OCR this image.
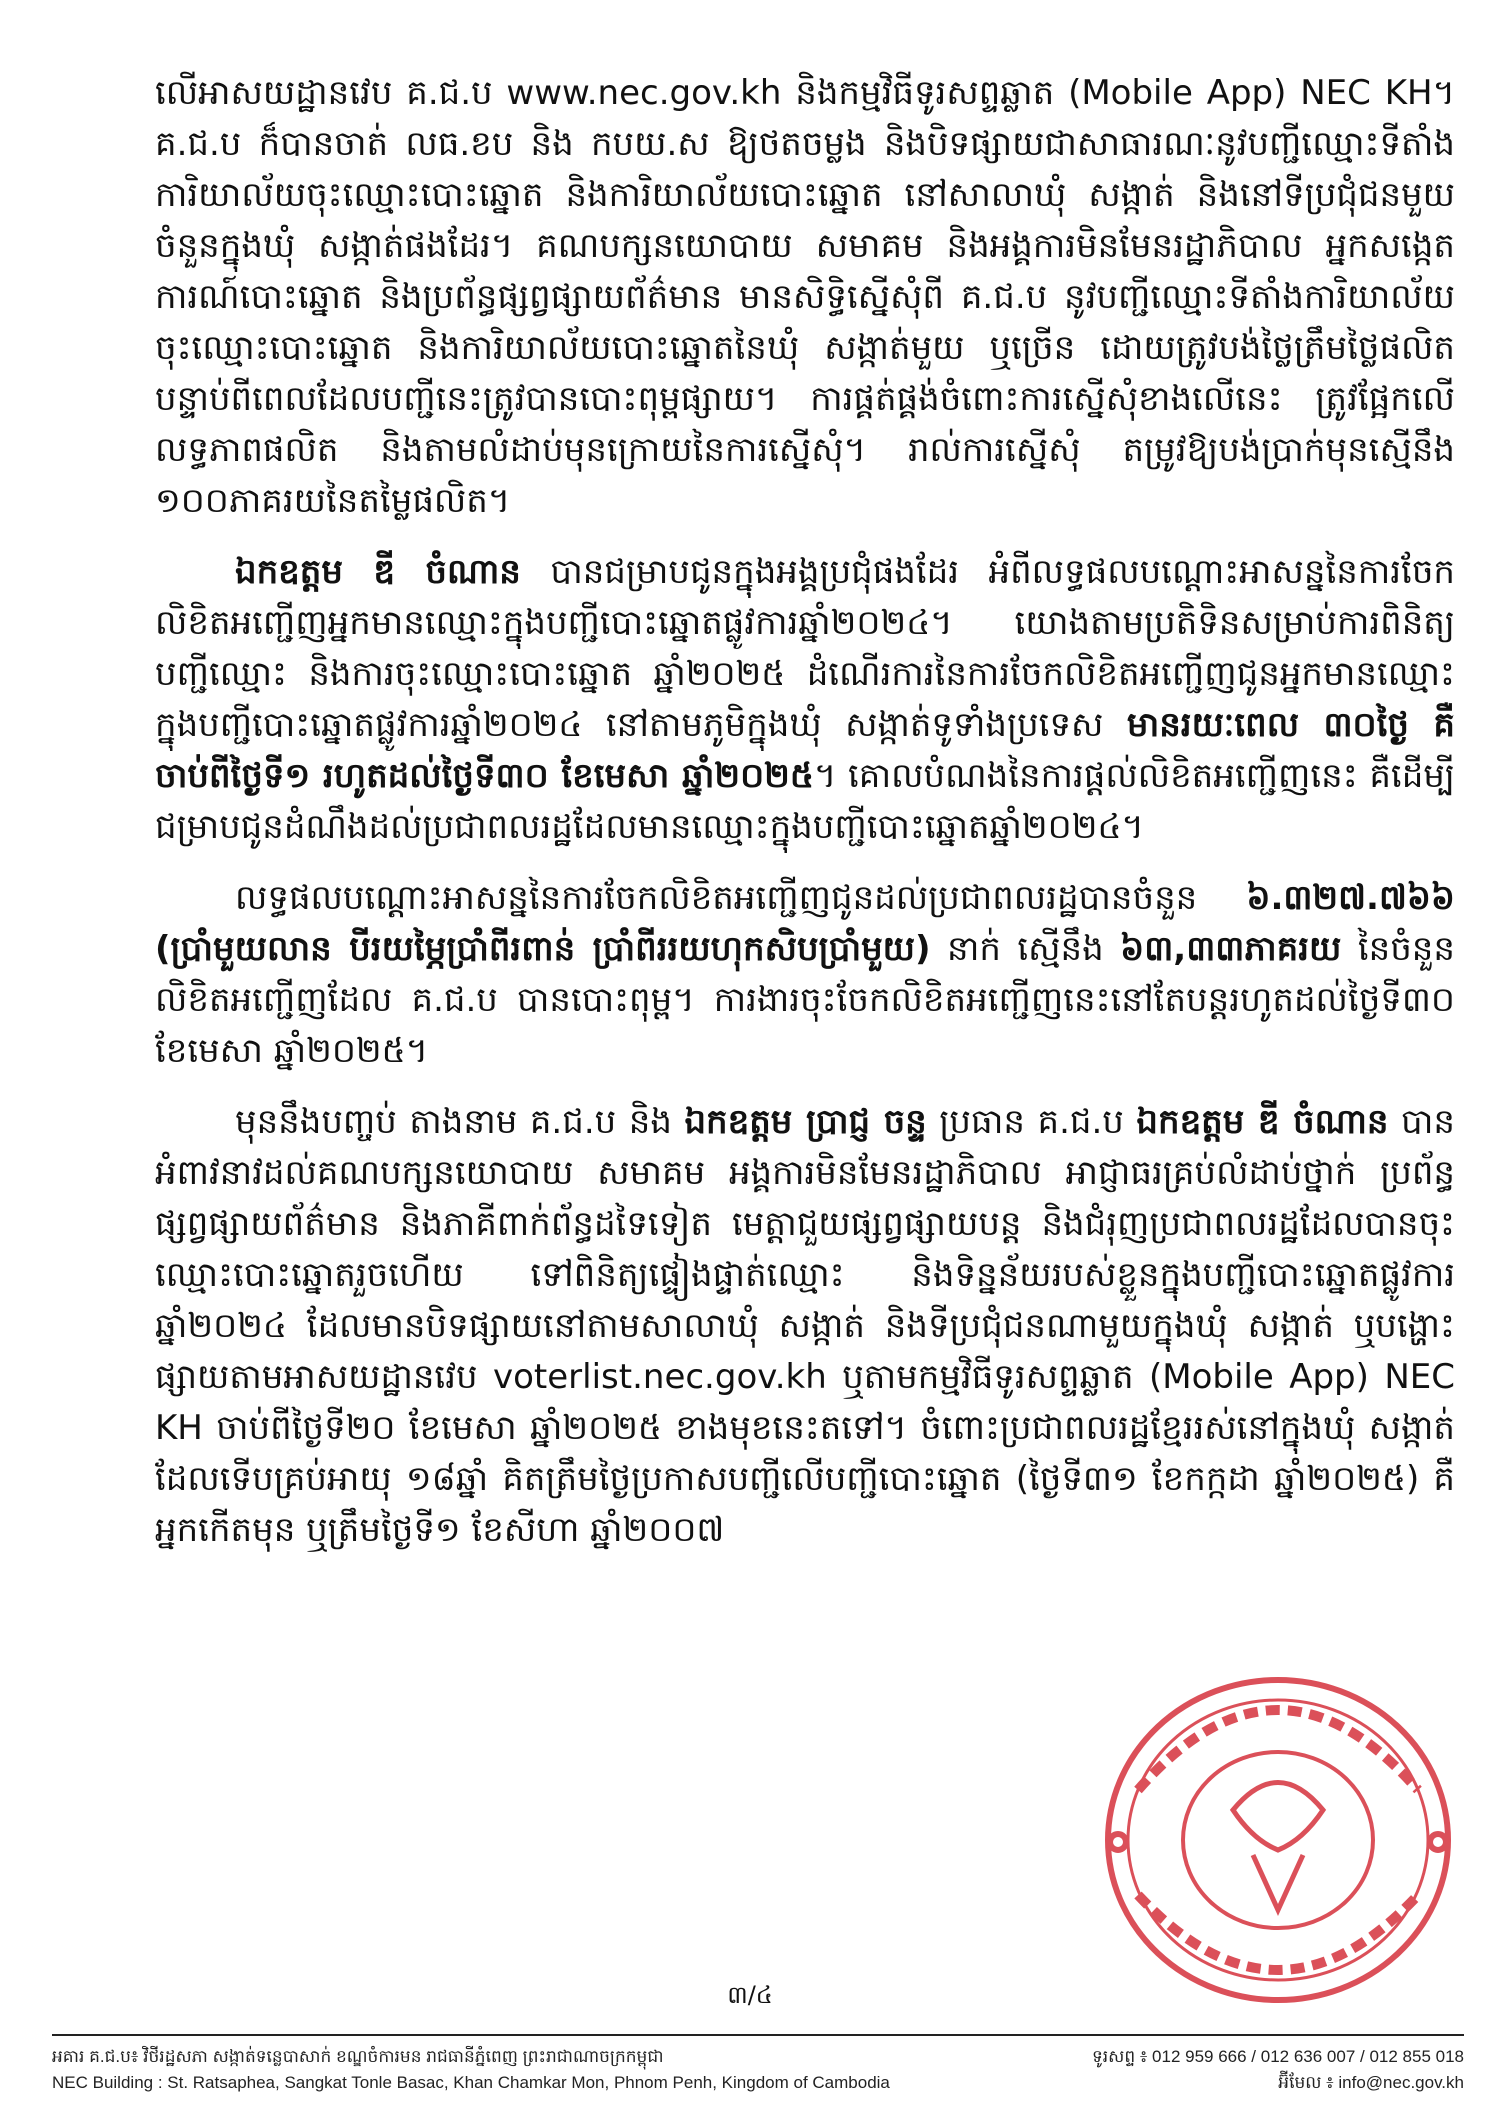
លើអាសយដ្ឋានវេប គ.ជ.ប www.nec.gov.kh និងកម្មវិធីទូរសព្ទឆ្លាត (Mobile App) NEC KH។ គ.ជ.ប ក៏បានចាត់ លធ.ខប និង កបយ.ស ឱ្យថតចម្លង និងបិទផ្សាយជាសាធារណៈនូវបញ្ជីឈ្មោះទីតាំងការិយាល័យចុះឈ្មោះបោះឆ្នោត និងការិយាល័យបោះឆ្នោត នៅសាលាឃុំ សង្កាត់ និងនៅទីប្រជុំជនមួយចំនួនក្នុងឃុំ សង្កាត់ផងដែរ។ គណបក្សនយោបាយ សមាគម និងអង្គការមិនមែនរដ្ឋាភិបាល អ្នកសង្កេតការណ៍បោះឆ្នោត និងប្រព័ន្ធផ្សព្វផ្សាយព័ត៌មាន មានសិទ្ធិស្នើសុំពី គ.ជ.ប នូវបញ្ជីឈ្មោះទីតាំងការិយាល័យចុះឈ្មោះបោះឆ្នោត និងការិយាល័យបោះឆ្នោតនៃឃុំ សង្កាត់មួយ ឬច្រើន ដោយត្រូវបង់ថ្លៃត្រឹមថ្លៃផលិត បន្ទាប់ពីពេលដែលបញ្ជីនេះត្រូវបានបោះពុម្ពផ្សាយ។ ការផ្គត់ផ្គង់ចំពោះការស្នើសុំខាងលើនេះ ត្រូវផ្អែកលើលទ្ធភាពផលិត និងតាមលំដាប់មុនក្រោយនៃការស្នើសុំ។ រាល់ការស្នើសុំ តម្រូវឱ្យបង់ប្រាក់មុនស្មើនឹង ១០០ភាគរយនៃតម្លៃផលិត។

ឯកឧត្តម ឌី ចំណាន បានជម្រាបជូនក្នុងអង្គប្រជុំផងដែរ អំពីលទ្ធផលបណ្ដោះអាសន្ននៃការចែកលិខិតអញ្ជើញអ្នកមានឈ្មោះក្នុងបញ្ជីបោះឆ្នោតផ្លូវការឆ្នាំ២០២៤។ យោងតាមប្រតិទិនសម្រាប់ការពិនិត្យបញ្ជីឈ្មោះ និងការចុះឈ្មោះបោះឆ្នោត ឆ្នាំ២០២៥ ដំណើរការនៃការចែកលិខិតអញ្ជើញជូនអ្នកមានឈ្មោះក្នុងបញ្ជីបោះឆ្នោតផ្លូវការឆ្នាំ២០២៤ នៅតាមភូមិក្នុងឃុំ សង្កាត់ទូទាំងប្រទេស មានរយៈពេល ៣០ថ្ងៃ គឺចាប់ពីថ្ងៃទី១ រហូតដល់ថ្ងៃទី៣០ ខែមេសា ឆ្នាំ២០២៥។ គោលបំណងនៃការផ្ដល់លិខិតអញ្ជើញនេះ គឺដើម្បីជម្រាបជូនដំណឹងដល់ប្រជាពលរដ្ឋដែលមានឈ្មោះក្នុងបញ្ជីបោះឆ្នោតឆ្នាំ២០២៤។

លទ្ធផលបណ្ដោះអាសន្ននៃការចែកលិខិតអញ្ជើញជូនដល់ប្រជាពលរដ្ឋបានចំនួន ៦.៣២៧.៧៦៦ (ប្រាំមួយលាន បីរយម្ភៃប្រាំពីរពាន់ ប្រាំពីររយហុកសិបប្រាំមួយ) នាក់ ស្មើនឹង ៦៣,៣៣ភាគរយ នៃចំនួនលិខិតអញ្ជើញដែល គ.ជ.ប បានបោះពុម្ព។ ការងារចុះចែកលិខិតអញ្ជើញនេះនៅតែបន្តរហូតដល់ថ្ងៃទី៣០ ខែមេសា ឆ្នាំ២០២៥។

មុននឹងបញ្ចប់ តាងនាម គ.ជ.ប និង ឯកឧត្តម ប្រាជ្ញ ចន្ទ ប្រធាន គ.ជ.ប ឯកឧត្តម ឌី ចំណាន បានអំពាវនាវដល់គណបក្សនយោបាយ សមាគម អង្គការមិនមែនរដ្ឋាភិបាល អាជ្ញាធរគ្រប់លំដាប់ថ្នាក់ ប្រព័ន្ធផ្សព្វផ្សាយព័ត៌មាន និងភាគីពាក់ព័ន្ធដទៃទៀត មេត្តាជួយផ្សព្វផ្សាយបន្ត និងជំរុញប្រជាពលរដ្ឋដែលបានចុះឈ្មោះបោះឆ្នោតរួចហើយ ទៅពិនិត្យផ្ទៀងផ្ទាត់ឈ្មោះ និងទិន្នន័យរបស់ខ្លួនក្នុងបញ្ជីបោះឆ្នោតផ្លូវការឆ្នាំ២០២៤ ដែលមានបិទផ្សាយនៅតាមសាលាឃុំ សង្កាត់ និងទីប្រជុំជនណាមួយក្នុងឃុំ សង្កាត់ ឬបង្ហោះផ្សាយតាមអាសយដ្ឋានវេប voterlist.nec.gov.kh ឬតាមកម្មវិធីទូរសព្ទឆ្លាត (Mobile App) NEC KH ចាប់ពីថ្ងៃទី២០ ខែមេសា ឆ្នាំ២០២៥ ខាងមុខនេះតទៅ។ ចំពោះប្រជាពលរដ្ឋខ្មែររស់នៅក្នុងឃុំ សង្កាត់ ដែលទើបគ្រប់អាយុ ១៨ឆ្នាំ គិតត្រឹមថ្ងៃប្រកាសបញ្ជីលើបញ្ជីបោះឆ្នោត (ថ្ងៃទី៣១ ខែកក្កដា ឆ្នាំ២០២៥) គឺ អ្នកកើតមុន ឬត្រឹមថ្ងៃទី១ ខែសីហា ឆ្នាំ២០០៧

៣/៤
អគារ គ.ជ.ប៖ វិថីរដ្ឋសភា សង្កាត់ទន្លេបាសាក់ ខណ្ឌចំការមន រាជធានីភ្នំពេញ ព្រះរាជាណាចក្រកម្ពុជា	ទូរសព្ទ ៖ 012 959 666 / 012 636 007 / 012 855 018
NEC Building : St. Ratsaphea, Sangkat Tonle Basac, Khan Chamkar Mon, Phnom Penh, Kingdom of Cambodia	អ៊ីមែល ៖ info@nec.gov.kh
